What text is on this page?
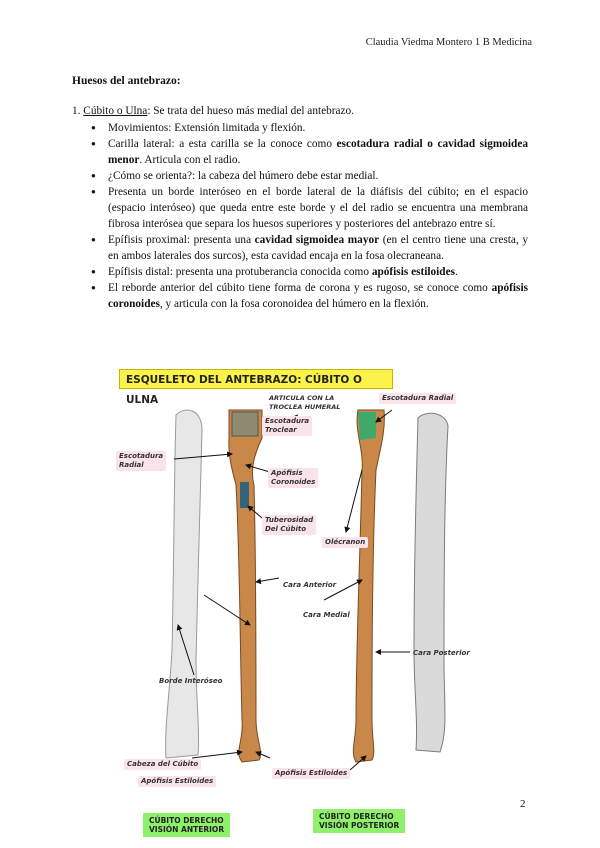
Claudia Viedma Montero 1 B Medicina
Huesos del antebrazo:
1. Cúbito o Ulna: Se trata del hueso más medial del antebrazo.
● Movimientos: Extensión limitada y flexión.
● Carilla lateral: a esta carilla se la conoce como escotadura radial o cavidad sigmoidea menor. Articula con el radio.
● ¿Cómo se orienta?: la cabeza del húmero debe estar medial.
● Presenta un borde interóseo en el borde lateral de la diáfisis del cúbito; en el espacio (espacio interóseo) que queda entre este borde y el del radio se encuentra una membrana fibrosa interósea que separa los huesos superiores y posteriores del antebrazo entre sí.
● Epífisis proximal: presenta una cavidad sigmoidea mayor (en el centro tiene una cresta, y en ambos laterales dos surcos), esta cavidad encaja en la fosa olecraneana.
● Epífisis distal: presenta una protuberancia conocida como apófisis estiloides.
● El reborde anterior del cúbito tiene forma de corona y es rugoso, se conoce como apófisis coronoides, y articula con la fosa coronoidea del húmero en la flexión.
ESQUELETO DEL ANTEBRAZO: CÚBITO O ULNA	ARTICULA CON LA
TROCLEA HUMERAL
Escotadura
Troclear
Escotadura
Radial
Apófisis
Coronoides
Tuberosidad
Del Cúbito
Olécranon
Cara Anterior
Cara Medial
Cara Posterior
Borde Interóseo
Escotadura Radial
Cabeza del Cúbito
Apófisis Estiloides
Apófisis Estiloides
CÚBITO DERECHO
VISIÓN ANTERIOR
CÚBITO DERECHO
VISIÓN POSTERIOR
2
